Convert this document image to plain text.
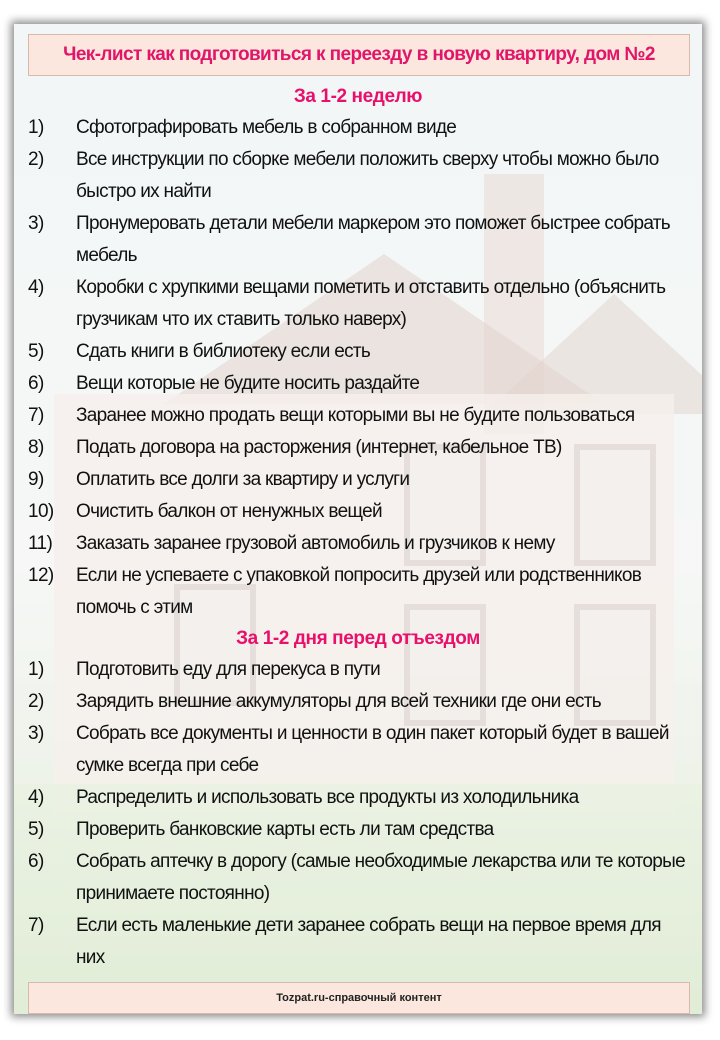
Чек-лист как подготовиться к переезду в новую квартиру, дом №2
За 1-2 неделю
1)	Сфотографировать мебель в собранном виде
2)	Все инструкции по сборке мебели положить сверху чтобы можно было быстро их найти
3)	Пронумеровать детали мебели маркером это поможет быстрее собрать мебель
4)	Коробки с хрупкими вещами пометить и отставить отдельно (объяснить грузчикам что их ставить только наверх)
5)	Сдать книги в библиотеку если есть
6)	Вещи которые не будите носить раздайте
7)	Заранее можно продать вещи которыми вы не будите пользоваться
8)	Подать договора на расторжения (интернет, кабельное ТВ)
9)	Оплатить все долги за квартиру и услуги
10)	Очистить балкон от ненужных вещей
11)	Заказать заранее грузовой автомобиль и грузчиков к нему
12)	Если не успеваете с упаковкой попросить друзей или родственников помочь с этим
За 1-2 дня перед отъездом
1)	Подготовить еду для перекуса в пути
2)	Зарядить внешние аккумуляторы для всей техники где они есть
3)	Собрать все документы и ценности в один пакет который будет в вашей сумке всегда при себе
4)	Распределить и использовать все продукты из холодильника
5)	Проверить банковские карты есть ли там средства
6)	Собрать аптечку в дорогу (самые необходимые лекарства или те которые принимаете постоянно)
7)	Если есть маленькие дети заранее собрать вещи на первое время для них
Tozpat.ru-справочный контент
